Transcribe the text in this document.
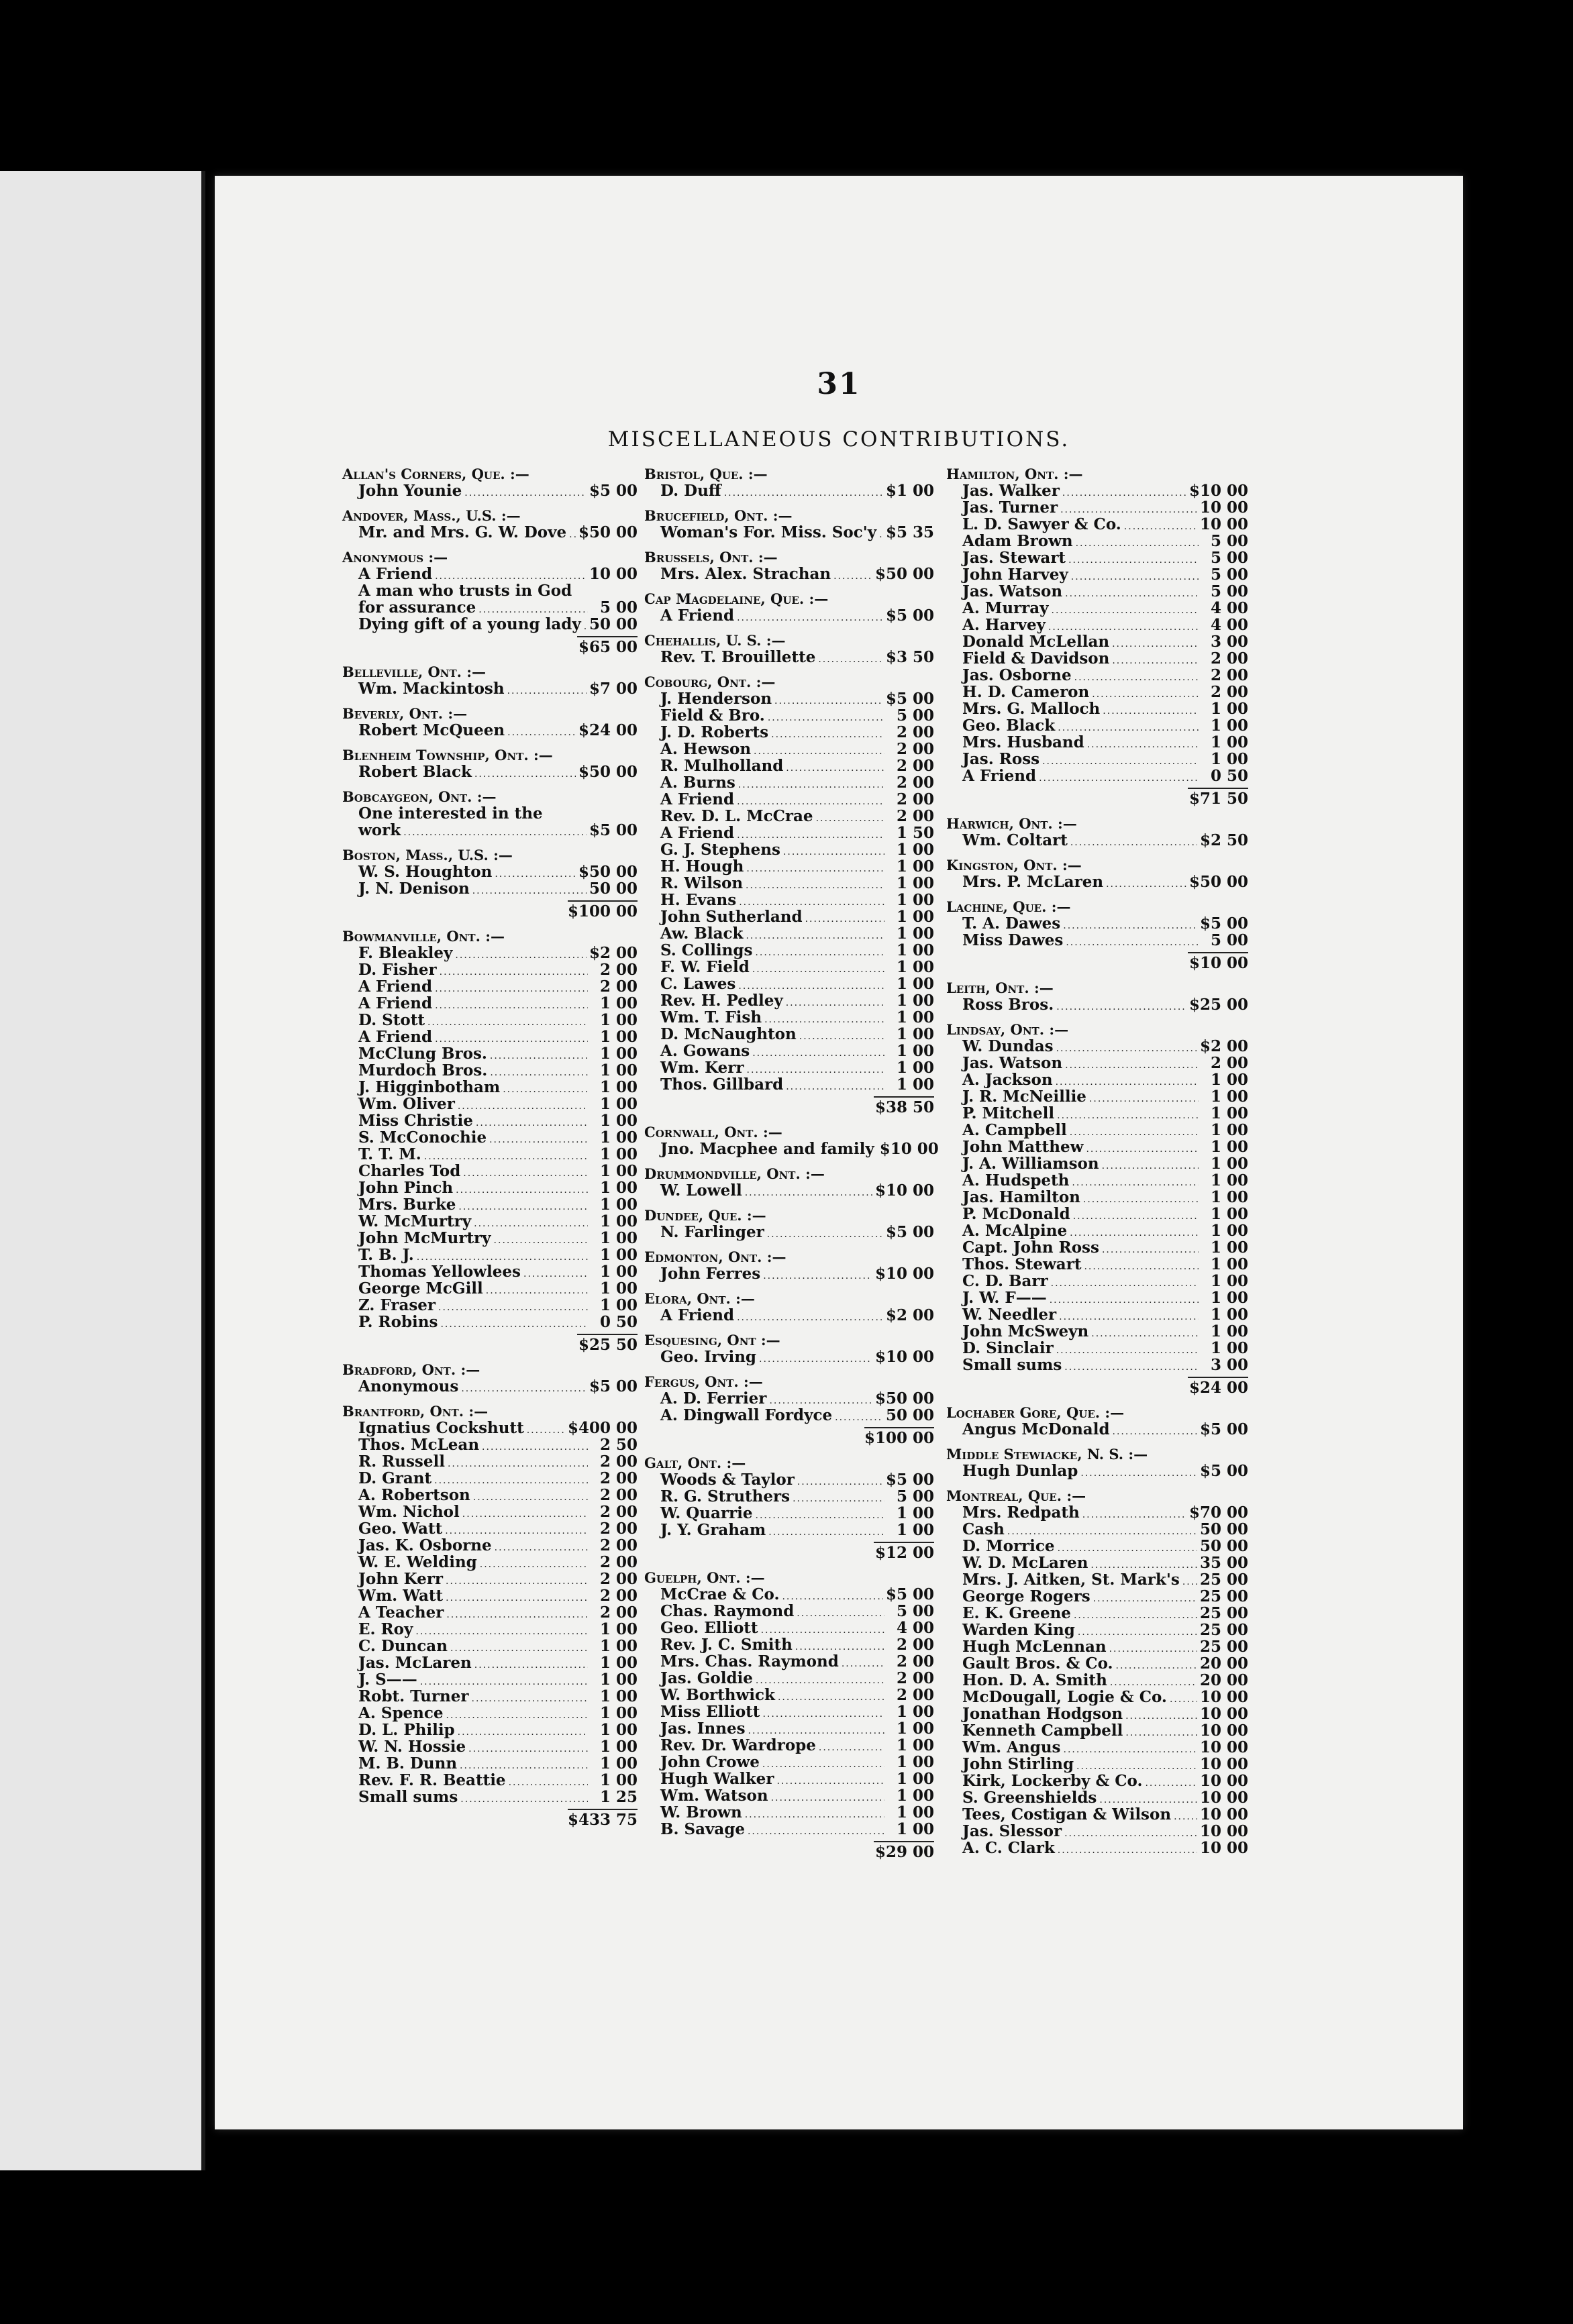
31
MISCELLANEOUS CONTRIBUTIONS.
Allan's Corners, Que. :—
John Younie .....	$5 00
Andover, Mass., U.S. :—
Mr. and Mrs. G. W. Dove ..... $50 00
Anonymous :—
A Friend .....	10 00
A man who trusts in God
for assurance .....	5 00
Dying gift of a young lady ..... 50 00
$65 00
Belleville, Ont. :—
Wm. Mackintosh .....	$7 00
Beverly, Ont. :—
Robert McQueen .....	$24 00
Blenheim Township, Ont. :—
Robert Black .....	$50 00
Bobcaygeon, Ont. :—
One interested in the
work .....	$5 00
Boston, Mass., U.S. :—
W. S. Houghton .....	$50 00
J. N. Denison .....	50 00
$100 00
Bowmanville, Ont. :—
F. Bleakley .....	$2 00
D. Fisher .....	2 00
A Friend .....	2 00
A Friend .....	1 00
D. Stott .....	1 00
A Friend .....	1 00
McClung Bros. .....	1 00
Murdoch Bros. .....	1 00
J. Higginbotham .....	1 00
Wm. Oliver .....	1 00
Miss Christie .....	1 00
S. McConochie .....	1 00
T. T. M. .....	1 00
Charles Tod .....	1 00
John Pinch .....	1 00
Mrs. Burke .....	1 00
W. McMurtry .....	1 00
John McMurtry .....	1 00
T. B. J. .....	1 00
Thomas Yellowlees .....	1 00
George McGill .....	1 00
Z. Fraser .....	1 00
P. Robins .....	0 50
$25 50
Bradford, Ont. :—
Anonymous .....	$5 00
Brantford, Ont. :—
Ignatius Cockshutt .....	$400 00
Thos. McLean .....	2 50
R. Russell .....	2 00
D. Grant .....	2 00
A. Robertson .....	2 00
Wm. Nichol .....	2 00
Geo. Watt .....	2 00
Jas. K. Osborne .....	2 00
W. E. Welding .....	2 00
John Kerr .....	2 00
Wm. Watt .....	2 00
A Teacher .....	2 00
E. Roy .....	1 00
C. Duncan .....	1 00
Jas. McLaren .....	1 00
J. S—— .....	1 00
Robt. Turner .....	1 00
A. Spence .....	1 00
D. L. Philip .....	1 00
W. N. Hossie .....	1 00
M. B. Dunn .....	1 00
Rev. F. R. Beattie .....	1 00
Small sums .....	1 25
$433 75
Bristol, Que. :—
D. Duff .....	$1 00
Brucefield, Ont. :—
Woman's For. Miss. Soc'y ..... $5 35
Brussels, Ont. :—
Mrs. Alex. Strachan .....	$50 00
Cap Magdelaine, Que. :—
A Friend .....	$5 00
Chehallis, U. S. :—
Rev. T. Brouillette .....	$3 50
Cobourg, Ont. :—
J. Henderson .....	$5 00
Field & Bro. .....	5 00
J. D. Roberts .....	2 00
A. Hewson .....	2 00
R. Mulholland .....	2 00
A. Burns .....	2 00
A Friend .....	2 00
Rev. D. L. McCrae .....	2 00
A Friend .....	1 50
G. J. Stephens .....	1 00
H. Hough .....	1 00
R. Wilson .....	1 00
H. Evans .....	1 00
John Sutherland .....	1 00
Aw. Black .....	1 00
S. Collings .....	1 00
F. W. Field .....	1 00
C. Lawes .....	1 00
Rev. H. Pedley .....	1 00
Wm. T. Fish .....	1 00
D. McNaughton .....	1 00
A. Gowans .....	1 00
Wm. Kerr .....	1 00
Thos. Gillbard .....	1 00
$38 50
Cornwall, Ont. :—
Jno. Macphee and family $10 00
Drummondville, Ont. :—
W. Lowell .....	$10 00
Dundee, Que. :—
N. Farlinger .....	$5 00
Edmonton, Ont. :—
John Ferres .....	$10 00
Elora, Ont. :—
A Friend .....	$2 00
Esquesing, Ont :—
Geo. Irving .....	$10 00
Fergus, Ont. :—
A. D. Ferrier .....	$50 00
A. Dingwall Fordyce .....	50 00
$100 00
Galt, Ont. :—
Woods & Taylor .....	$5 00
R. G. Struthers .....	5 00
W. Quarrie .....	1 00
J. Y. Graham .....	1 00
$12 00
Guelph, Ont. :—
McCrae & Co. .....	$5 00
Chas. Raymond .....	5 00
Geo. Elliott .....	4 00
Rev. J. C. Smith .....	2 00
Mrs. Chas. Raymond .....	2 00
Jas. Goldie .....	2 00
W. Borthwick .....	2 00
Miss Elliott .....	1 00
Jas. Innes .....	1 00
Rev. Dr. Wardrope .....	1 00
John Crowe .....	1 00
Hugh Walker .....	1 00
Wm. Watson .....	1 00
W. Brown .....	1 00
B. Savage .....	1 00
$29 00
Hamilton, Ont. :—
Jas. Walker .....	$10 00
Jas. Turner .....	10 00
L. D. Sawyer & Co. .....	10 00
Adam Brown .....	5 00
Jas. Stewart .....	5 00
John Harvey .....	5 00
Jas. Watson .....	5 00
A. Murray .....	4 00
A. Harvey .....	4 00
Donald McLellan .....	3 00
Field & Davidson .....	2 00
Jas. Osborne .....	2 00
H. D. Cameron .....	2 00
Mrs. G. Malloch .....	1 00
Geo. Black .....	1 00
Mrs. Husband .....	1 00
Jas. Ross .....	1 00
A Friend .....	0 50
$71 50
Harwich, Ont. :—
Wm. Coltart .....	$2 50
Kingston, Ont. :—
Mrs. P. McLaren .....	$50 00
Lachine, Que. :—
T. A. Dawes .....	$5 00
Miss Dawes .....	5 00
$10 00
Leith, Ont. :—
Ross Bros. .....	$25 00
Lindsay, Ont. :—
W. Dundas .....	$2 00
Jas. Watson .....	2 00
A. Jackson .....	1 00
J. R. McNeillie .....	1 00
P. Mitchell .....	1 00
A. Campbell .....	1 00
John Matthew .....	1 00
J. A. Williamson .....	1 00
A. Hudspeth .....	1 00
Jas. Hamilton .....	1 00
P. McDonald .....	1 00
A. McAlpine .....	1 00
Capt. John Ross .....	1 00
Thos. Stewart .....	1 00
C. D. Barr .....	1 00
J. W. F—— .....	1 00
W. Needler .....	1 00
John McSweyn .....	1 00
D. Sinclair .....	1 00
Small sums .....	3 00
$24 00
Lochaber Gore, Que. :—
Angus McDonald .....	$5 00
Middle Stewiacke, N. S. :—
Hugh Dunlap .....	$5 00
Montreal, Que. :—
Mrs. Redpath .....	$70 00
Cash .....	50 00
D. Morrice .....	50 00
W. D. McLaren .....	35 00
Mrs. J. Aitken, St. Mark's ..... 25 00
George Rogers .....	25 00
E. K. Greene .....	25 00
Warden King .....	25 00
Hugh McLennan .....	25 00
Gault Bros. & Co. .....	20 00
Hon. D. A. Smith .....	20 00
McDougall, Logie & Co. ..... 10 00
Jonathan Hodgson .....	10 00
Kenneth Campbell .....	10 00
Wm. Angus .....	10 00
John Stirling .....	10 00
Kirk, Lockerby & Co. .....	10 00
S. Greenshields .....	10 00
Tees, Costigan & Wilson ..... 10 00
Jas. Slessor .....	10 00
A. C. Clark .....	10 00
